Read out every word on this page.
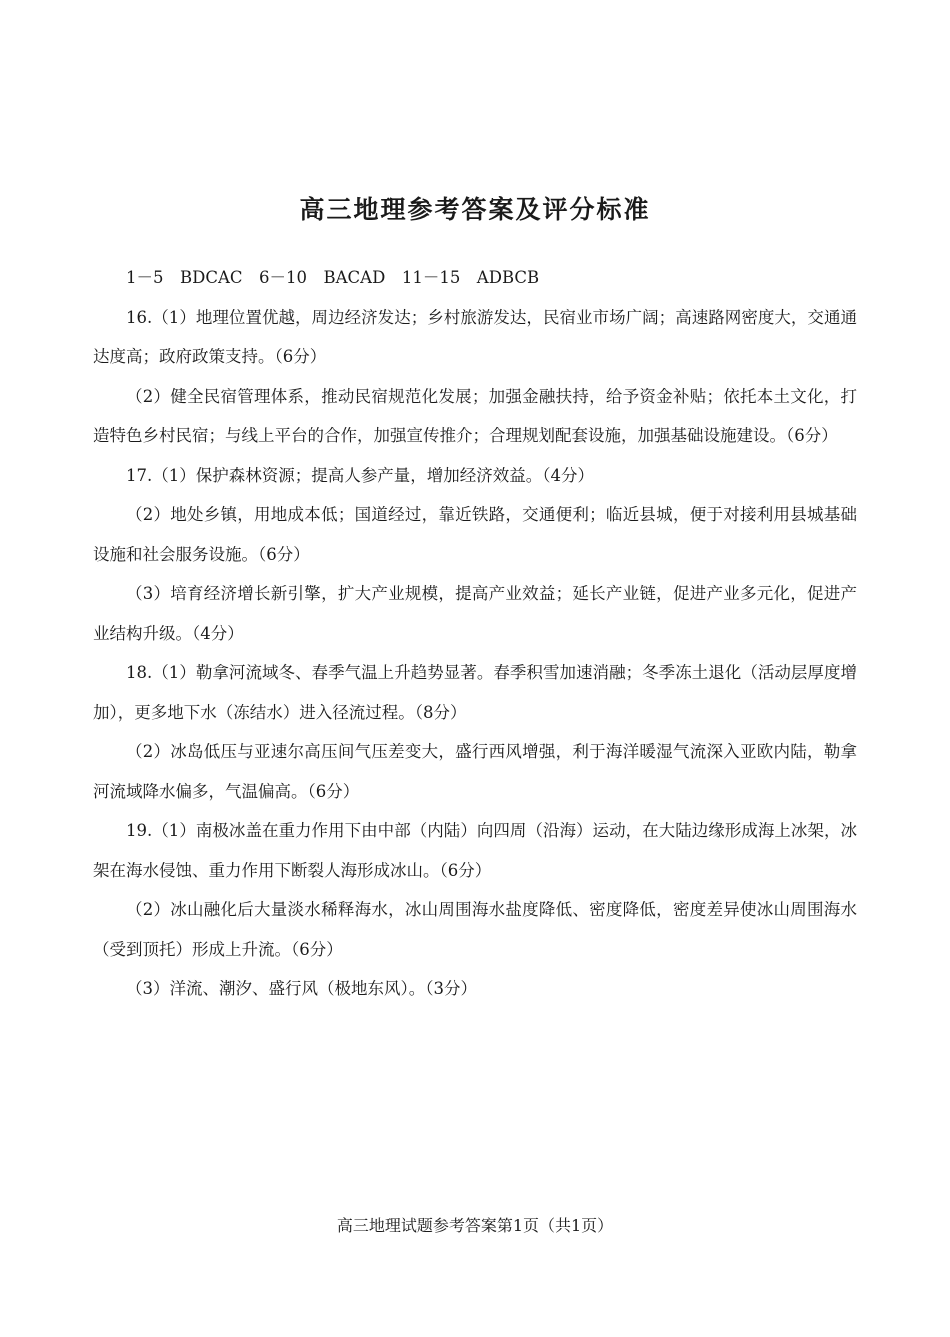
高三地理参考答案及评分标准

1－5　BDCAC　6－10　BACAD　11－15　ADBCB

16.（1）地理位置优越，周边经济发达；乡村旅游发达，民宿业市场广阔；高速路网密度大，交通通达度高；政府政策支持。（6分）

（2）健全民宿管理体系，推动民宿规范化发展；加强金融扶持，给予资金补贴；依托本土文化，打造特色乡村民宿；与线上平台的合作，加强宣传推介；合理规划配套设施，加强基础设施建设。（6分）

17.（1）保护森林资源；提高人参产量，增加经济效益。（4分）

（2）地处乡镇，用地成本低；国道经过，靠近铁路，交通便利；临近县城，便于对接利用县城基础设施和社会服务设施。（6分）

（3）培育经济增长新引擎，扩大产业规模，提高产业效益；延长产业链，促进产业多元化，促进产业结构升级。（4分）

18.（1）勒拿河流域冬、春季气温上升趋势显著。春季积雪加速消融；冬季冻土退化（活动层厚度增加），更多地下水（冻结水）进入径流过程。（8分）

（2）冰岛低压与亚速尔高压间气压差变大，盛行西风增强，利于海洋暖湿气流深入亚欧内陆，勒拿河流域降水偏多，气温偏高。（6分）

19.（1）南极冰盖在重力作用下由中部（内陆）向四周（沿海）运动，在大陆边缘形成海上冰架，冰架在海水侵蚀、重力作用下断裂人海形成冰山。（6分）

（2）冰山融化后大量淡水稀释海水，冰山周围海水盐度降低、密度降低，密度差异使冰山周围海水（受到顶托）形成上升流。（6分）

（3）洋流、潮汐、盛行风（极地东风）。（3分）

高三地理试题参考答案第1页（共1页）
